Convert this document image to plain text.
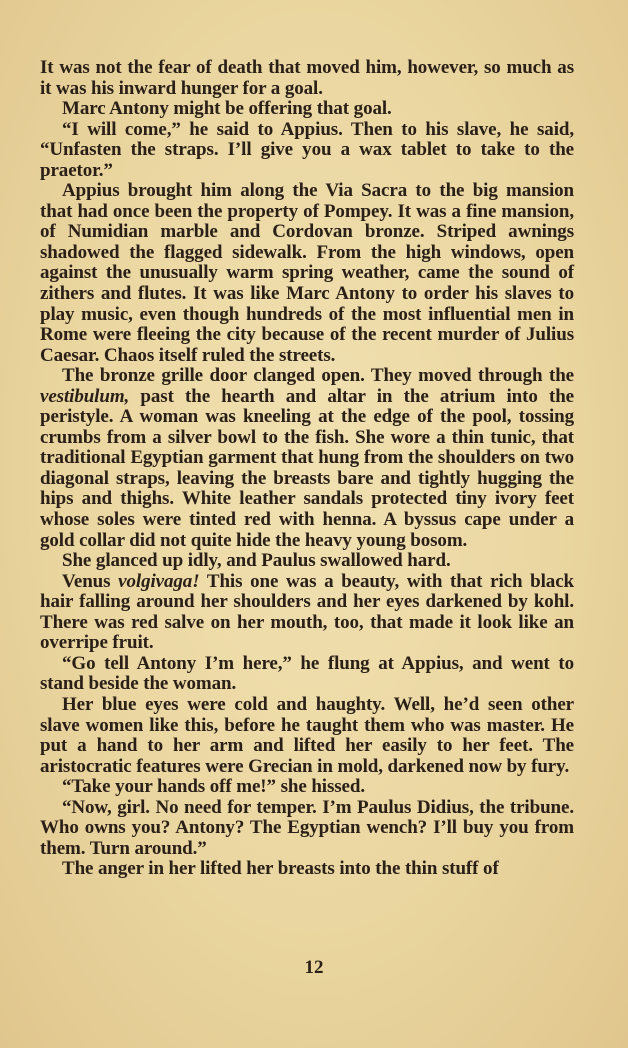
It was not the fear of death that moved him, however, so much as it was his inward hunger for a goal.

Marc Antony might be offering that goal.

“I will come,” he said to Appius. Then to his slave, he said, “Unfasten the straps. I’ll give you a wax tablet to take to the praetor.”

Appius brought him along the Via Sacra to the big mansion that had once been the property of Pompey. It was a fine mansion, of Numidian marble and Cordovan bronze. Striped awnings shadowed the flagged sidewalk. From the high windows, open against the unusually warm spring weather, came the sound of zithers and flutes. It was like Marc Antony to order his slaves to play music, even though hundreds of the most influential men in Rome were fleeing the city because of the recent murder of Julius Caesar. Chaos itself ruled the streets.

The bronze grille door clanged open. They moved through the vestibulum, past the hearth and altar in the atrium into the peristyle. A woman was kneeling at the edge of the pool, tossing crumbs from a silver bowl to the fish. She wore a thin tunic, that traditional Egyptian garment that hung from the shoulders on two diagonal straps, leaving the breasts bare and tightly hugging the hips and thighs. White leather sandals protected tiny ivory feet whose soles were tinted red with henna. A byssus cape under a gold collar did not quite hide the heavy young bosom.

She glanced up idly, and Paulus swallowed hard.

Venus volgivaga! This one was a beauty, with that rich black hair falling around her shoulders and her eyes darkened by kohl. There was red salve on her mouth, too, that made it look like an overripe fruit.

“Go tell Antony I’m here,” he flung at Appius, and went to stand beside the woman.

Her blue eyes were cold and haughty. Well, he’d seen other slave women like this, before he taught them who was master. He put a hand to her arm and lifted her easily to her feet. The aristocratic features were Grecian in mold, darkened now by fury.

“Take your hands off me!” she hissed.

“Now, girl. No need for temper. I’m Paulus Didius, the tribune. Who owns you? Antony? The Egyptian wench? I’ll buy you from them. Turn around.”

The anger in her lifted her breasts into the thin stuff of

12
